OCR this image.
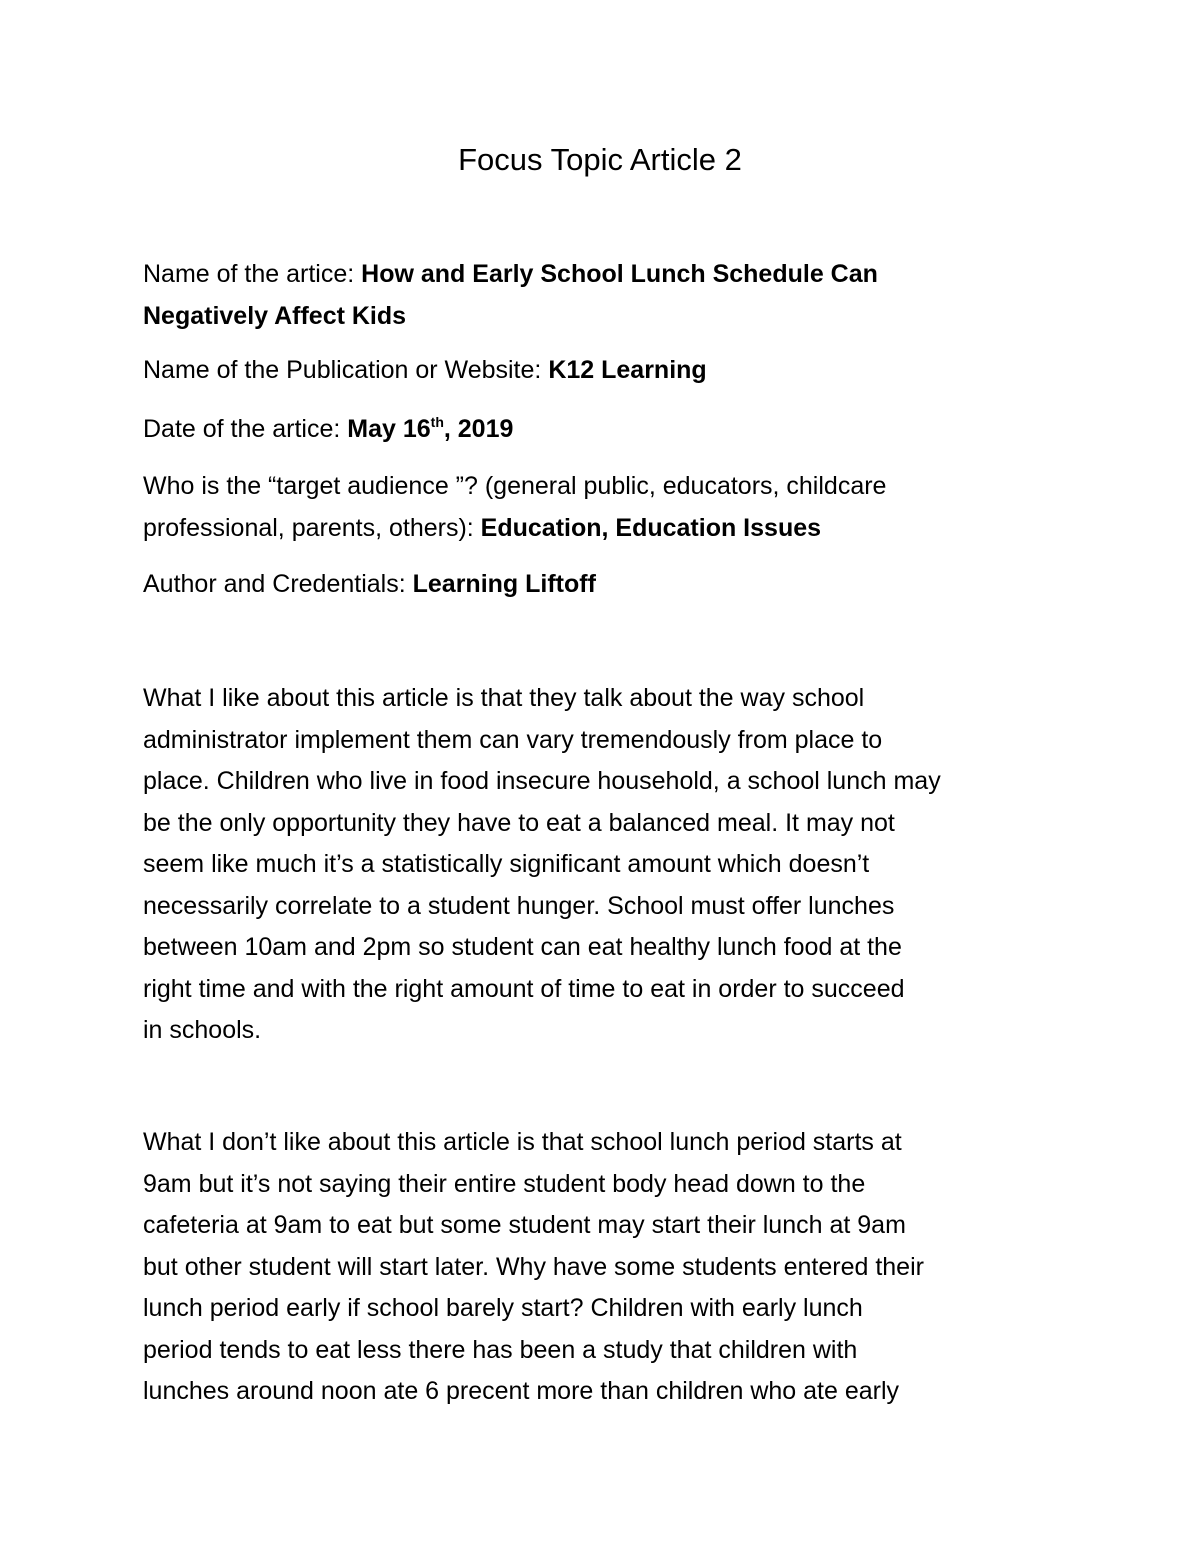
Focus Topic Article 2
Name of the artice: How and Early School Lunch Schedule Can
Negatively Affect Kids
Name of the Publication or Website: K12 Learning
Date of the artice: May 16th, 2019
Who is the “target audience ”? (general public, educators, childcare
professional, parents, others): Education, Education Issues
Author and Credentials: Learning Liftoff
What I like about this article is that they talk about the way school
administrator implement them can vary tremendously from place to
place. Children who live in food insecure household, a school lunch may
be the only opportunity they have to eat a balanced meal. It may not
seem like much it’s a statistically significant amount which doesn’t
necessarily correlate to a student hunger. School must offer lunches
between 10am and 2pm so student can eat healthy lunch food at the
right time and with the right amount of time to eat in order to succeed
in schools.
What I don’t like about this article is that school lunch period starts at
9am but it’s not saying their entire student body head down to the
cafeteria at 9am to eat but some student may start their lunch at 9am
but other student will start later. Why have some students entered their
lunch period early if school barely start? Children with early lunch
period tends to eat less there has been a study that children with
lunches around noon ate 6 precent more than children who ate early
